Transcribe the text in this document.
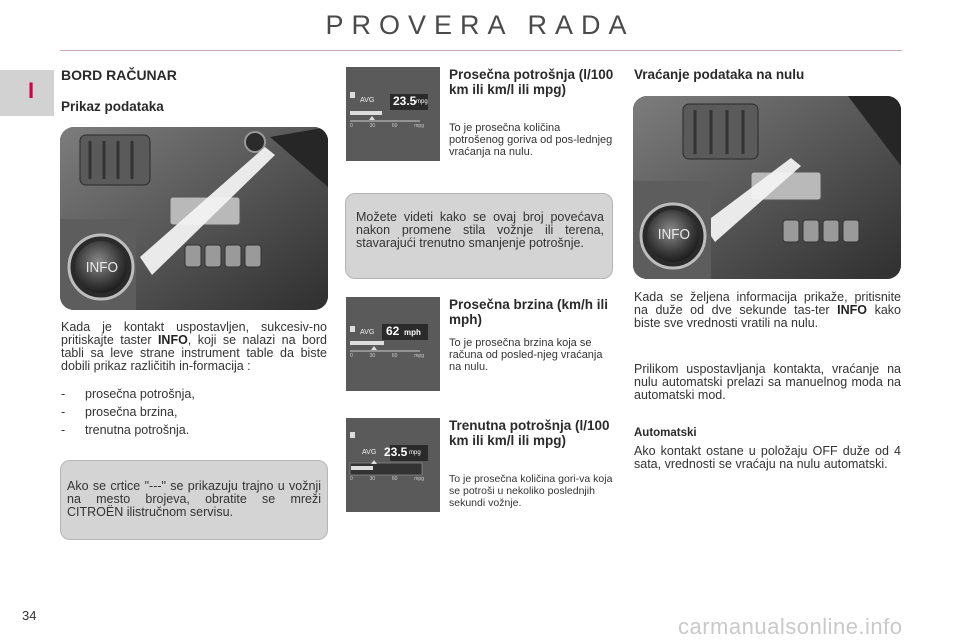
PROVERA RADA
I
BORD RAČUNAR
Prikaz podataka
INFO
Kada je kontakt uspostavljen, sukcesiv-no pritiskajte taster INFO, koji se nalazi na bord tabli sa leve strane instrument table da biste dobili prikaz različitih in-formacija :
- prosečna potrošnja,
- prosečna brzina,
- trenutna potrošnja.
Ako se crtice "---" se prikazuju trajno u vožnji na mesto brojeva, obratite se mreži CITROËN ilistručnom servisu.
AVG 23.5 mpg
0	30	60	mpg
Prosečna potrošnja (l/100 km ili km/l ili mpg)
To je prosečna količina potrošenog goriva od pos-lednjeg vraćanja na nulu.
Možete videti kako se ovaj broj povećava nakon promene stila vožnje ili terena, stavarajući trenutno smanjenje potrošnje.
AVG 62 mph
0	30	60	mpg
Prosečna brzina (km/h ili mph)
To je prosečna brzina koja se računa od posled-njeg vraćanja na nulu.
AVG 23.5 mpg
0	30	60	mpg
Trenutna potrošnja (l/100 km ili km/l ili mpg)
To je prosečna količina gori-va koja se potroši u nekoliko poslednjih sekundi vožnje.
Vraćanje podataka na nulu
INFO
Kada se željena informacija prikaže, pritisnite na duže od dve sekunde tas-ter INFO kako biste sve vrednosti vratili na nulu.
Prilikom uspostavljanja kontakta, vraćanje na nulu automatski prelazi sa manuelnog moda na automatski mod.
Automatski
Ako kontakt ostane u položaju OFF duže od 4 sata, vrednosti se vraćaju na nulu automatski.
34	carmanualsonline.info
